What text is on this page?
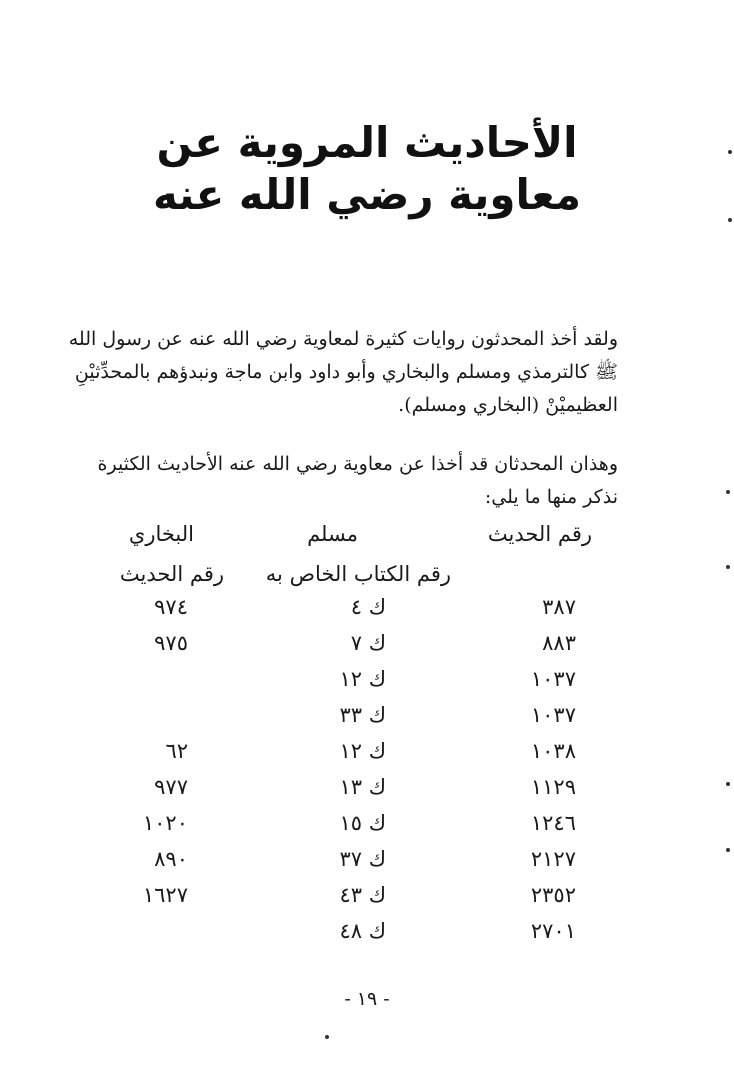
الأحاديث المروية عن
معاوية رضي الله عنه
ولقد أخذ المحدثون روايات كثيرة لمعاوية رضي الله عنه عن رسول الله ﷺ كالترمذي ومسلم والبخاري وأبو داود وابن ماجة ونبدؤهم بالمحدِّثيْنِ العظيميْنْ (البخاري ومسلم).
وهذان المحدثان قد أخذا عن معاوية رضي الله عنه الأحاديث الكثيرة نذكر منها ما يلي:
رقم الحديث
مسلم
البخاري
رقم الكتاب الخاص به
رقم الحديث
٣٨٧
ك ٤
٩٧٤
٨٨٣
ك ٧
٩٧٥
١٠٣٧
ك ١٢
١٠٣٧
ك ٣٣
١٠٣٨
ك ١٢
٦٢
١١٢٩
ك ١٣
٩٧٧
١٢٤٦
ك ١٥
١٠٢٠
٢١٢٧
ك ٣٧
٨٩٠
٢٣٥٢
ك ٤٣
١٦٢٧
٢٧٠١
ك ٤٨
- ١٩ -
